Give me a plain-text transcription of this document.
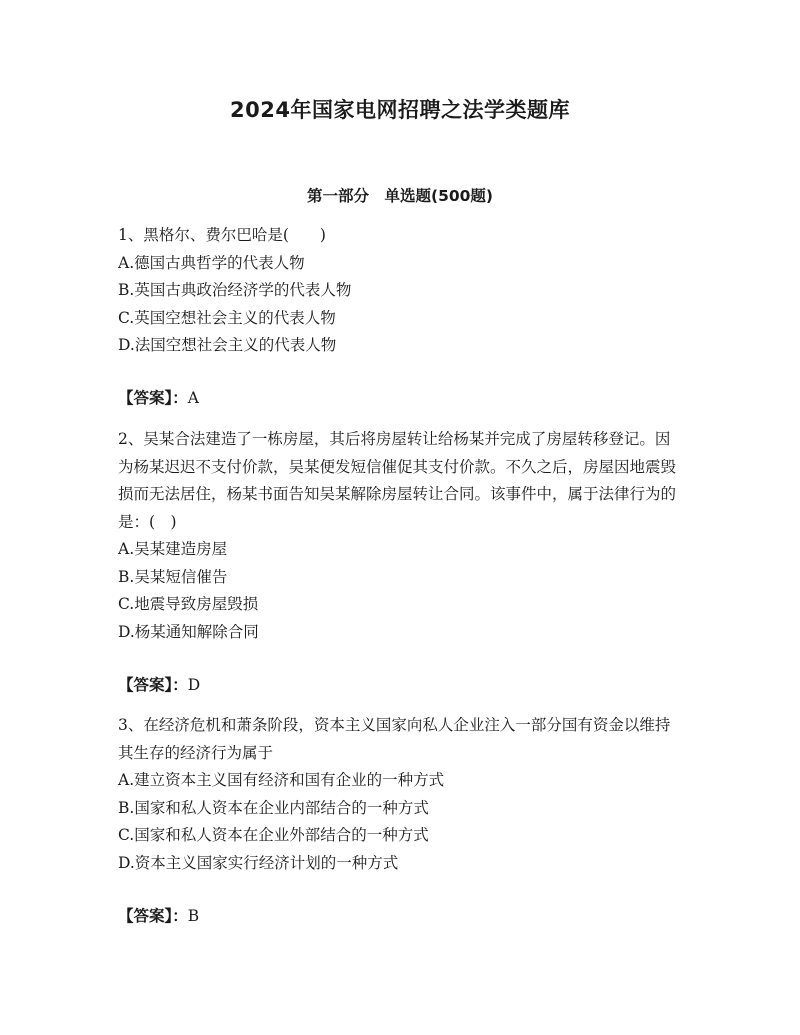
2024年国家电网招聘之法学类题库
第一部分　单选题(500题)

1、黑格尔、费尔巴哈是(　　)

A.德国古典哲学的代表人物

B.英国古典政治经济学的代表人物

C.英国空想社会主义的代表人物

D.法国空想社会主义的代表人物

【答案】：A

2、吴某合法建造了一栋房屋，其后将房屋转让给杨某并完成了房屋转移登记。因为杨某迟迟不支付价款，吴某便发短信催促其支付价款。不久之后，房屋因地震毁损而无法居住，杨某书面告知吴某解除房屋转让合同。该事件中，属于法律行为的是：(　)

A.吴某建造房屋

B.吴某短信催告

C.地震导致房屋毁损

D.杨某通知解除合同

【答案】：D

3、在经济危机和萧条阶段，资本主义国家向私人企业注入一部分国有资金以维持其生存的经济行为属于

A.建立资本主义国有经济和国有企业的一种方式

B.国家和私人资本在企业内部结合的一种方式

C.国家和私人资本在企业外部结合的一种方式

D.资本主义国家实行经济计划的一种方式

【答案】：B
